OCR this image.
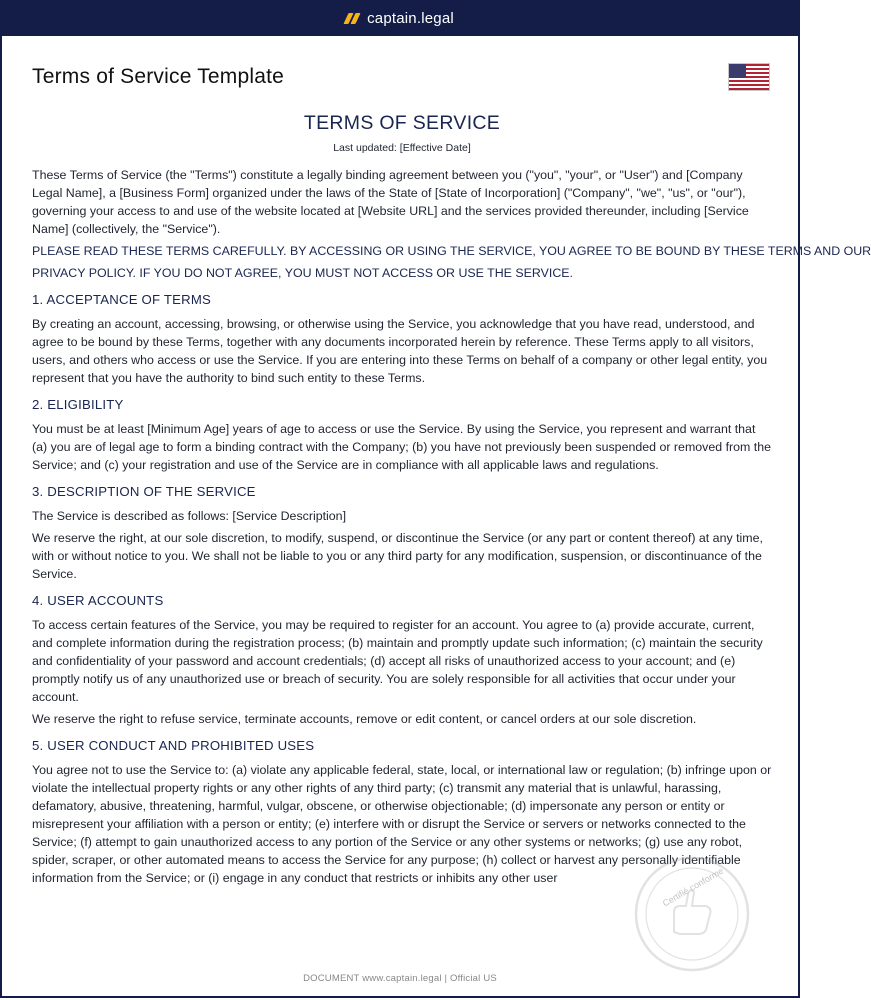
captain.legal
Terms of Service Template
TERMS OF SERVICE
Last updated: [Effective Date]

These Terms of Service (the "Terms") constitute a legally binding agreement between you ("you", "your", or "User") and [Company Legal Name], a [Business Form] organized under the laws of the State of [State of Incorporation] ("Company", "we", "us", or "our"), governing your access to and use of the website located at [Website URL] and the services provided thereunder, including [Service Name] (collectively, the "Service").

PLEASE READ THESE TERMS CAREFULLY. BY ACCESSING OR USING THE SERVICE, YOU AGREE TO BE BOUND BY THESE TERMS AND OUR

PRIVACY POLICY. IF YOU DO NOT AGREE, YOU MUST NOT ACCESS OR USE THE SERVICE.

1. ACCEPTANCE OF TERMS

By creating an account, accessing, browsing, or otherwise using the Service, you acknowledge that you have read, understood, and agree to be bound by these Terms, together with any documents incorporated herein by reference. These Terms apply to all visitors, users, and others who access or use the Service. If you are entering into these Terms on behalf of a company or other legal entity, you represent that you have the authority to bind such entity to these Terms.

2. ELIGIBILITY

You must be at least [Minimum Age] years of age to access or use the Service. By using the Service, you represent and warrant that (a) you are of legal age to form a binding contract with the Company; (b) you have not previously been suspended or removed from the Service; and (c) your registration and use of the Service are in compliance with all applicable laws and regulations.

3. DESCRIPTION OF THE SERVICE

The Service is described as follows: [Service Description]

We reserve the right, at our sole discretion, to modify, suspend, or discontinue the Service (or any part or content thereof) at any time, with or without notice to you. We shall not be liable to you or any third party for any modification, suspension, or discontinuance of the Service.

4. USER ACCOUNTS

To access certain features of the Service, you may be required to register for an account. You agree to (a) provide accurate, current, and complete information during the registration process; (b) maintain and promptly update such information; (c) maintain the security and confidentiality of your password and account credentials; (d) accept all risks of unauthorized access to your account; and (e) promptly notify us of any unauthorized use or breach of security. You are solely responsible for all activities that occur under your account.

We reserve the right to refuse service, terminate accounts, remove or edit content, or cancel orders at our sole discretion.

5. USER CONDUCT AND PROHIBITED USES

You agree not to use the Service to: (a) violate any applicable federal, state, local, or international law or regulation; (b) infringe upon or violate the intellectual property rights or any other rights of any third party; (c) transmit any material that is unlawful, harassing, defamatory, abusive, threatening, harmful, vulgar, obscene, or otherwise objectionable; (d) impersonate any person or entity or misrepresent your affiliation with a person or entity; (e) interfere with or disrupt the Service or servers or networks connected to the Service; (f) attempt to gain unauthorized access to any portion of the Service or any other systems or networks; (g) use any robot, spider, scraper, or other automated means to access the Service for any purpose; (h) collect or harvest any personally identifiable information from the Service; or (i) engage in any conduct that restricts or inhibits any other user	Certifié conforme
DOCUMENT www.captain.legal | Official US
